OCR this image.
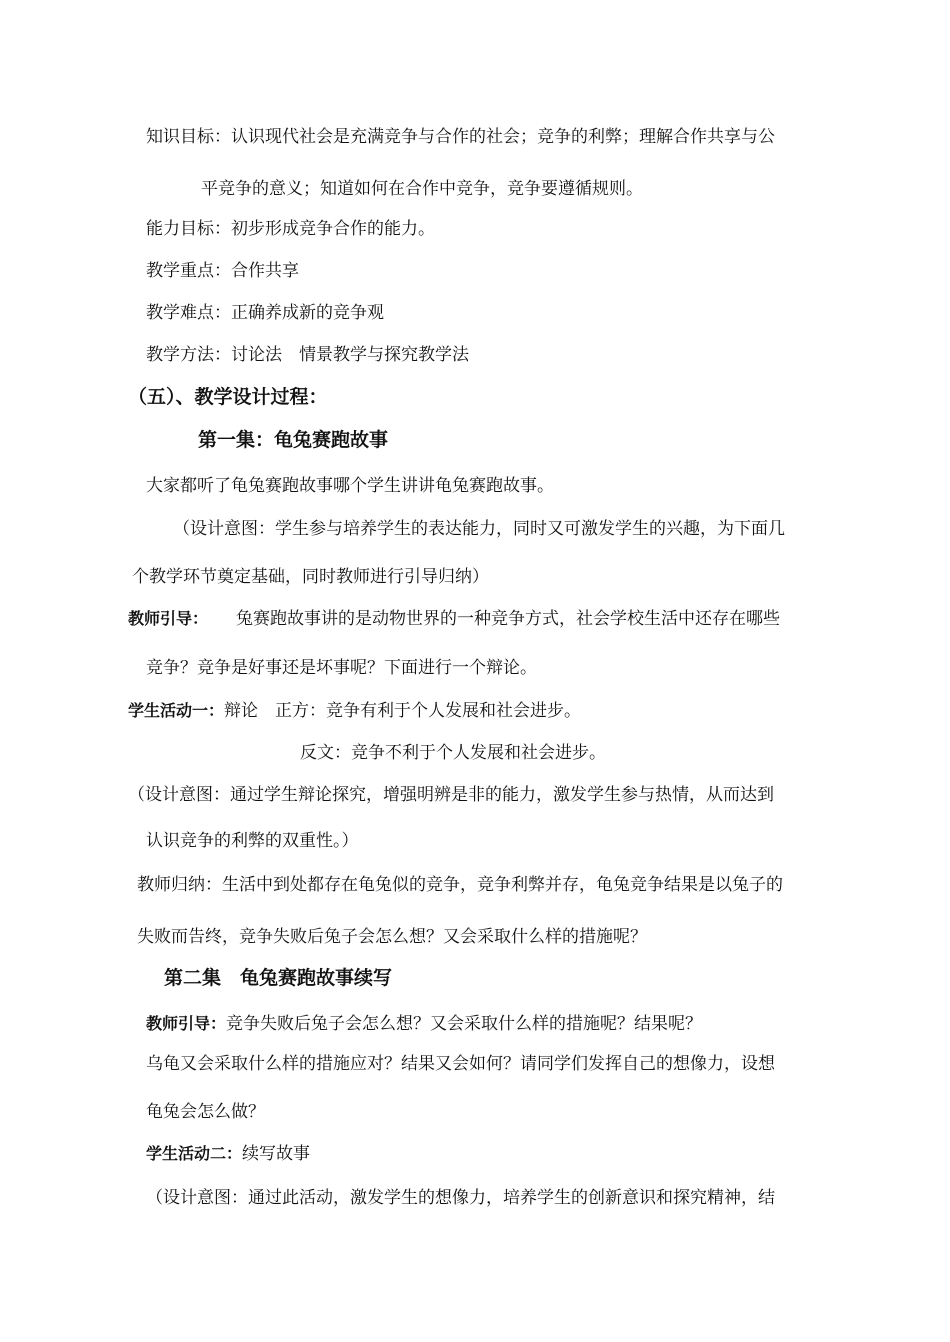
知识目标：认识现代社会是充满竞争与合作的社会；竞争的利弊；理解合作共享与公
平竞争的意义；知道如何在合作中竞争，竞争要遵循规则。
能力目标：初步形成竞争合作的能力。
教学重点：合作共享
教学难点：正确养成新的竞争观
教学方法：讨论法　情景教学与探究教学法
（五）、教学设计过程：
第一集：龟兔赛跑故事
大家都听了龟兔赛跑故事哪个学生讲讲龟兔赛跑故事。
（设计意图：学生参与培养学生的表达能力，同时又可激发学生的兴趣，为下面几
个教学环节奠定基础，同时教师进行引导归纳）
教师引导： 兔赛跑故事讲的是动物世界的一种竞争方式，社会学校生活中还存在哪些
竞争？竞争是好事还是坏事呢？下面进行一个辩论。
学生活动一：辩论　正方：竞争有利于个人发展和社会进步。
反文：竞争不利于个人发展和社会进步。
（设计意图：通过学生辩论探究，增强明辨是非的能力，激发学生参与热情，从而达到
认识竞争的利弊的双重性。）
教师归纳：生活中到处都存在龟兔似的竞争，竞争利弊并存，龟兔竞争结果是以兔子的
失败而告终，竞争失败后兔子会怎么想？又会采取什么样的措施呢？
第二集　龟兔赛跑故事续写
教师引导：竞争失败后兔子会怎么想？又会采取什么样的措施呢？结果呢？
乌龟又会采取什么样的措施应对？结果又会如何？请同学们发挥自己的想像力，设想
龟兔会怎么做？
学生活动二：续写故事
（设计意图：通过此活动，激发学生的想像力，培养学生的创新意识和探究精神，结
